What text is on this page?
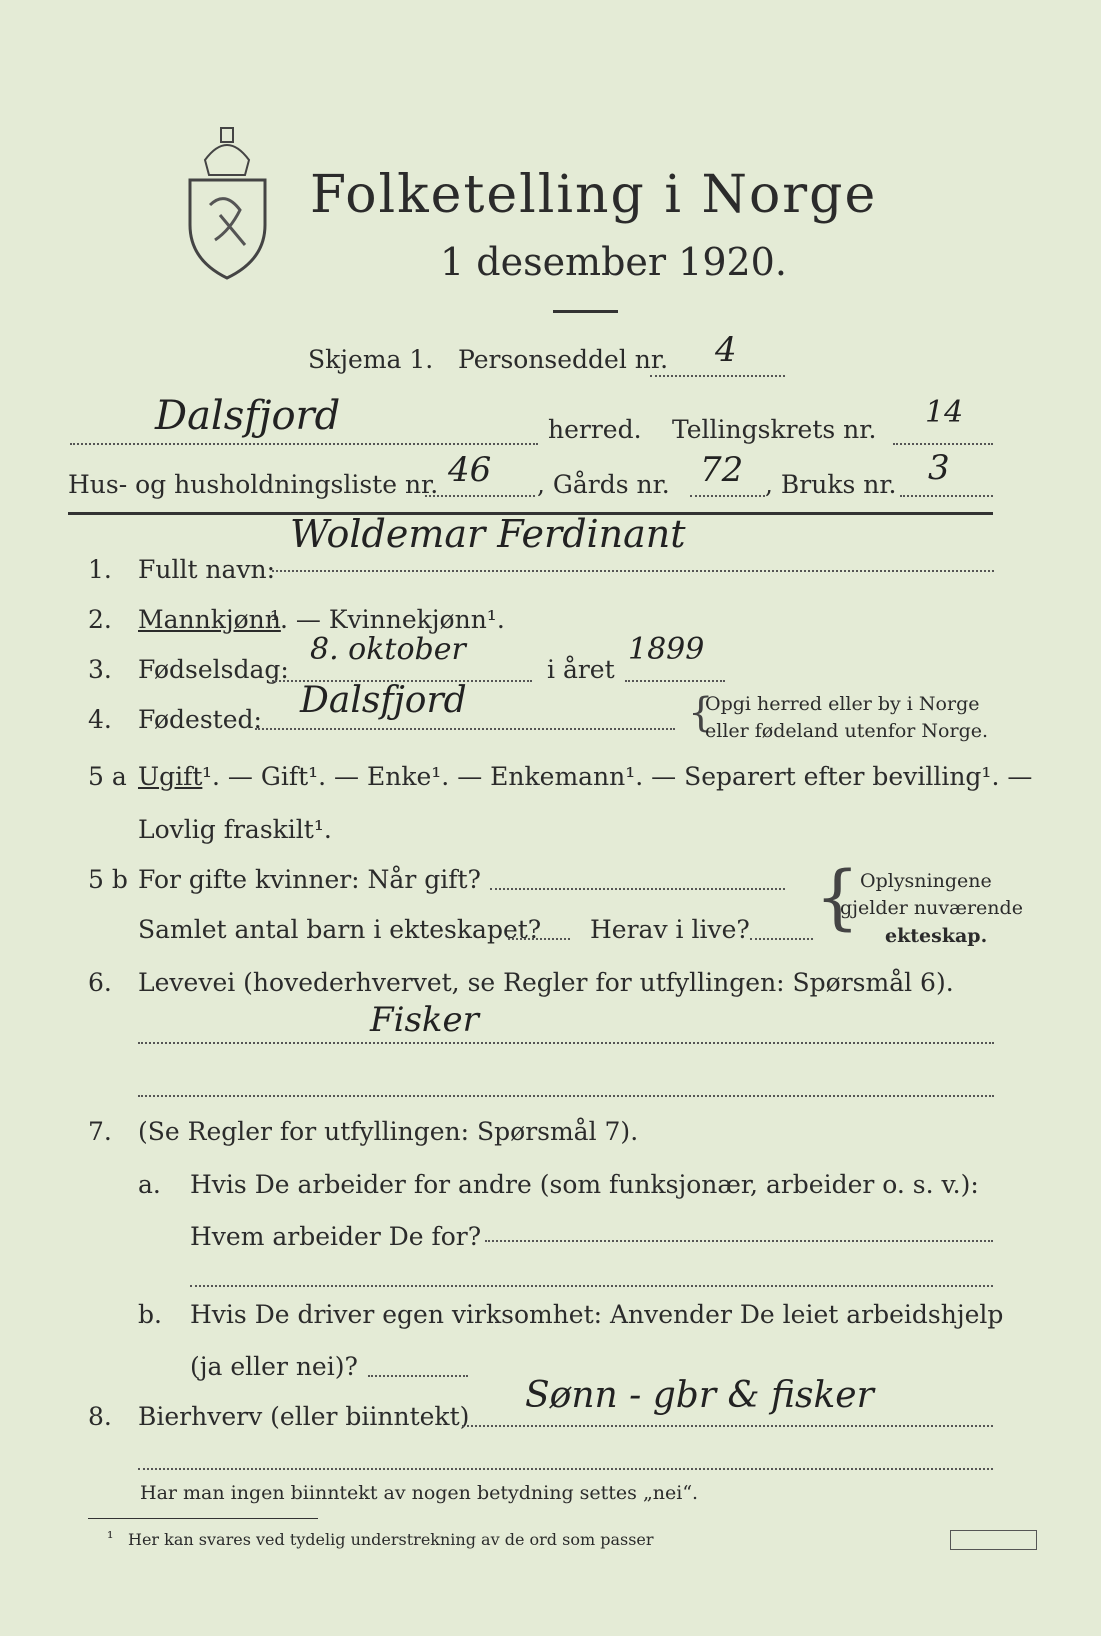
Folketelling i Norge
1 desember 1920.
Skjema 1. Personseddel nr. 4
Dalsfjord	herred. Tellingskrets nr. 14
Hus- og husholdningsliste nr. 46 , Gårds nr. 72 , Bruks nr. 3
1.	Fullt navn:
Woldemar Ferdinant
2.	Mannkjønn
¹. — Kvinnekjønn¹.
3.	Fødselsdag:
8. oktober
i året
1899
4.	Fødested: Dalsfjord	{
Opgi herred eller by i Norge
eller fødeland utenfor Norge.
5 a Ugift ¹. — Gift¹. — Enke¹. — Enkemann¹. — Separert efter bevilling¹. —
Lovlig fraskilt¹.
5 b For gifte kvinner: Når gift?
Samlet antal barn i ekteskapet? Herav i live? { Oplysningene
gjelder nuværende
ekteskap.
6.	Levevei (hovederhvervet, se Regler for utfyllingen: Spørsmål 6).
Fisker
7.	(Se Regler for utfyllingen: Spørsmål 7).
a. Hvis De arbeider for andre (som funksjonær, arbeider o. s. v.):
Hvem arbeider De for?
b. Hvis De driver egen virksomhet: Anvender De leiet arbeidshjelp
(ja eller nei)?
8.	Bierhverv (eller biinntekt)
Sønn - gbr & fisker
Har man ingen biinntekt av nogen betydning settes „nei“.
¹ Her kan svares ved tydelig understrekning av de ord som passer
